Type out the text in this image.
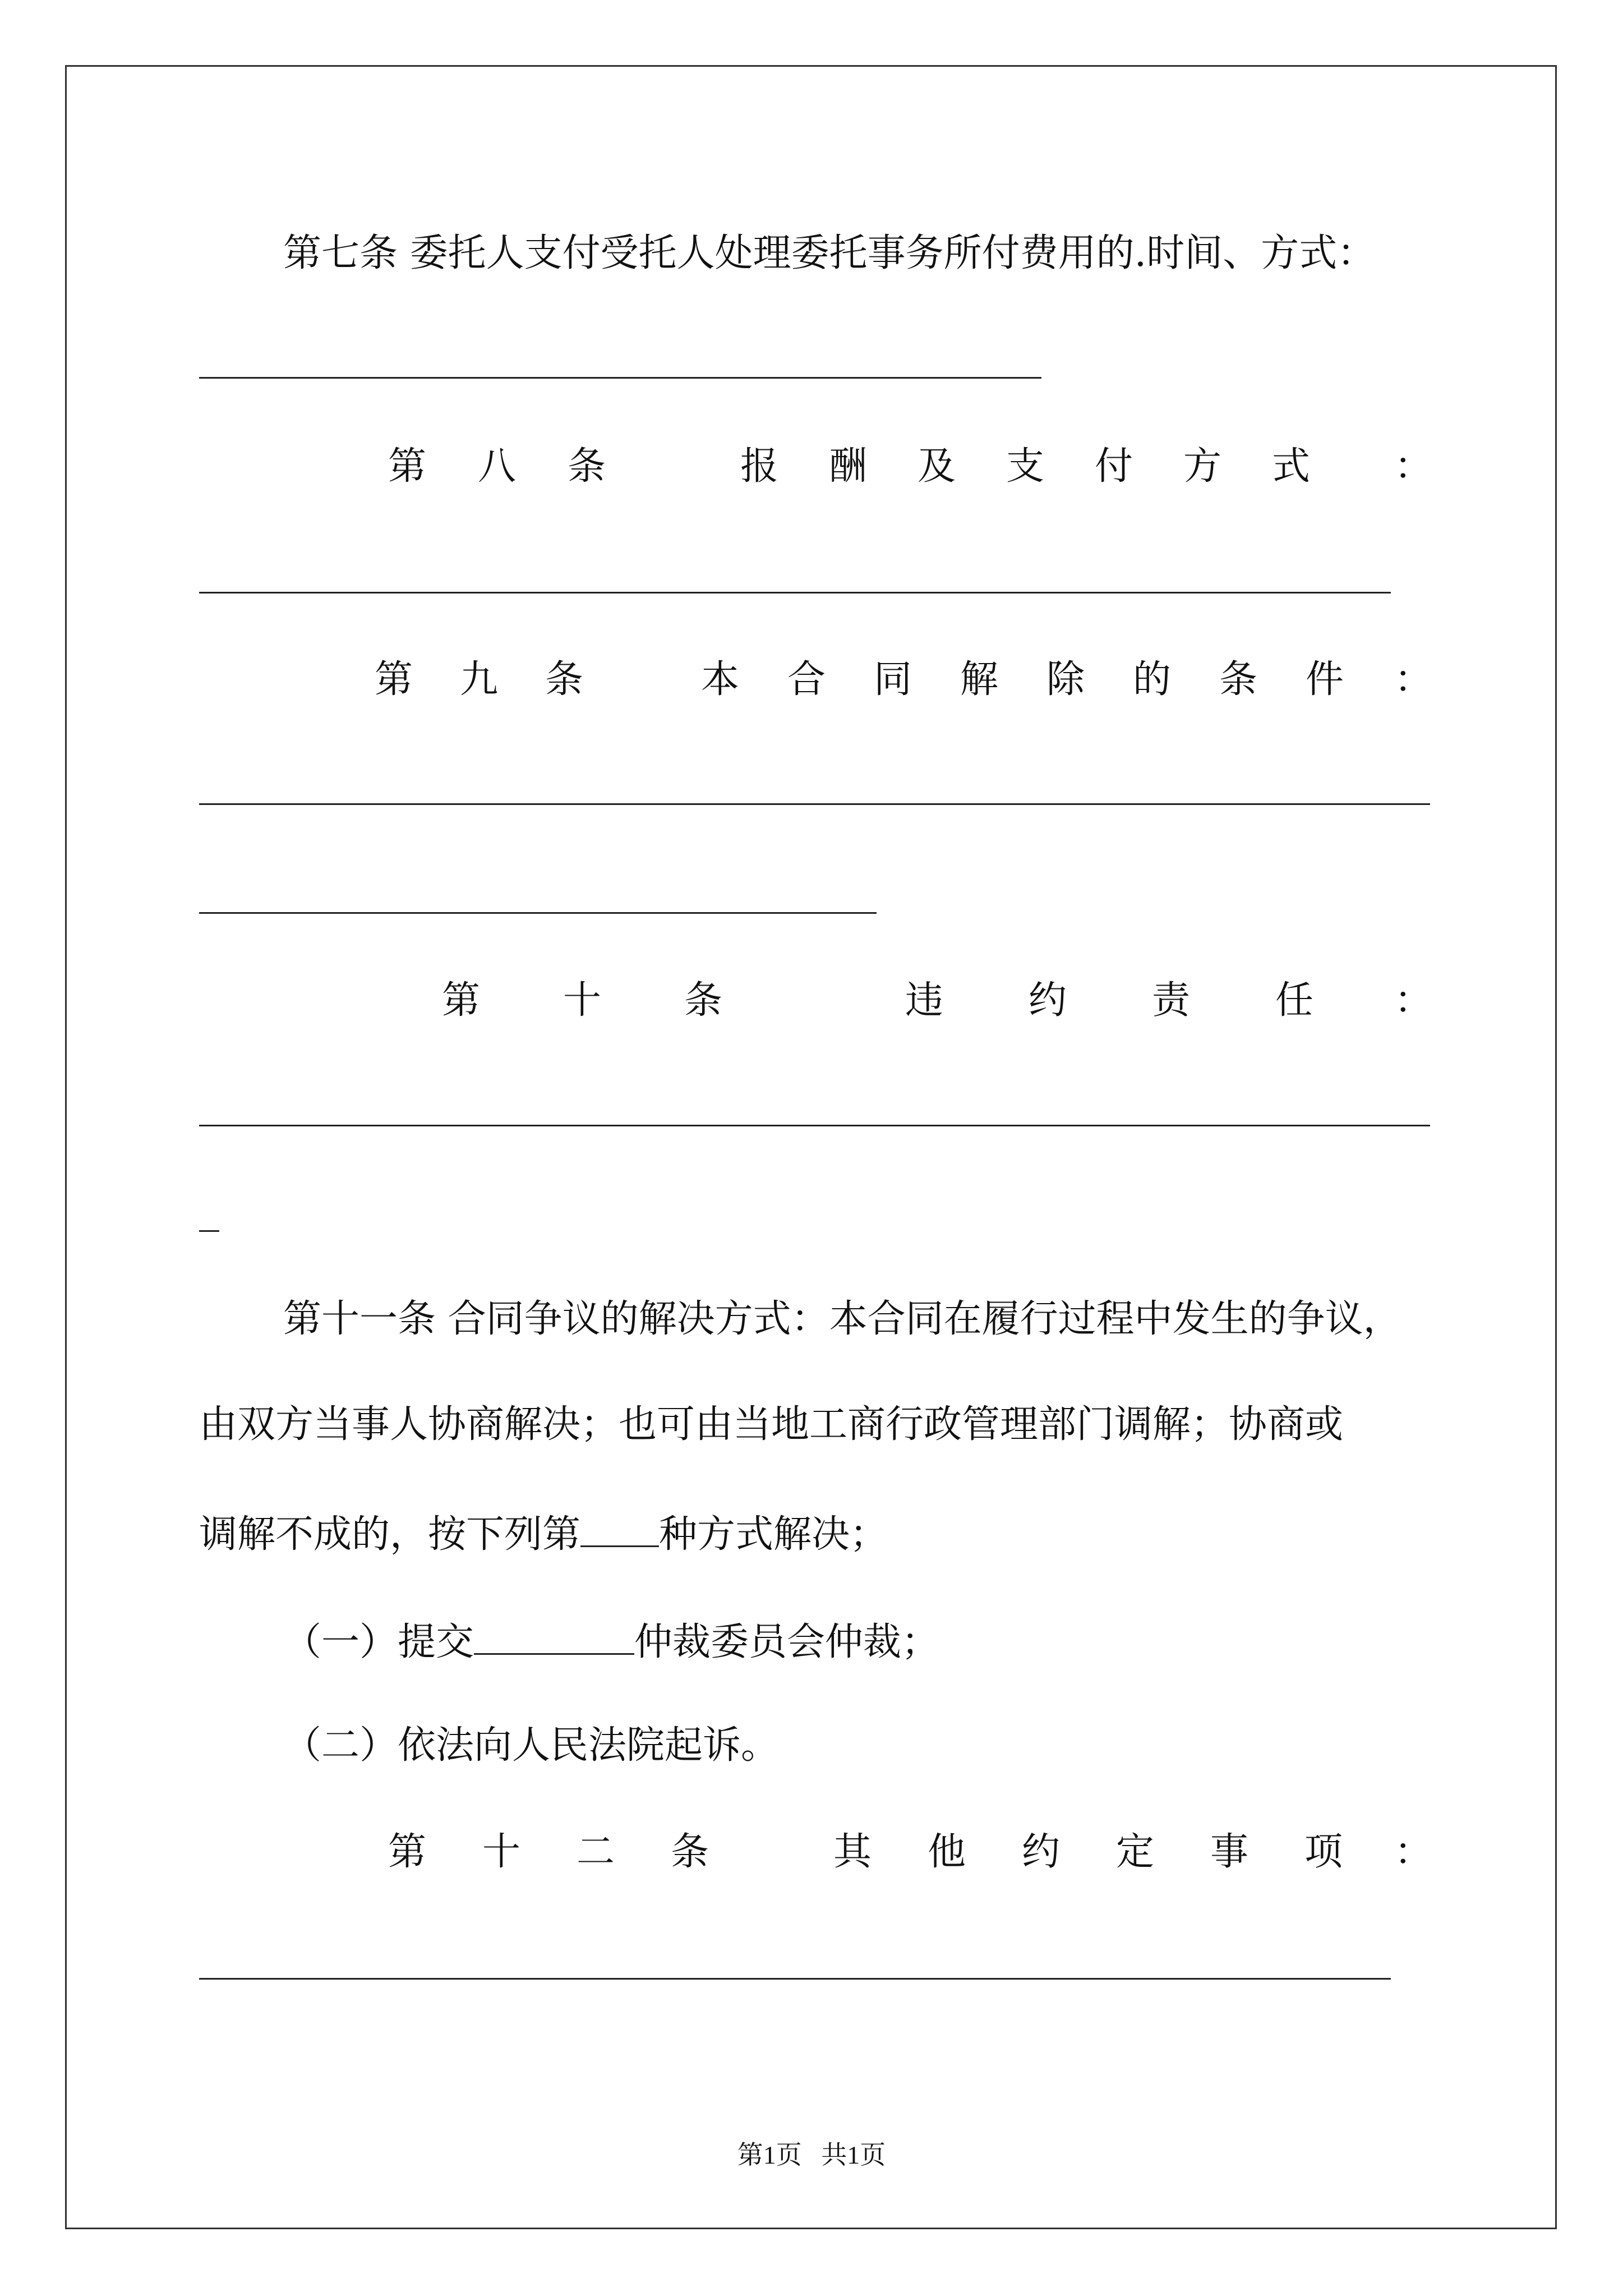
第七条 委托人支付受托人处理委托事务所付费用的.时间、方式：
第 八 条	报 酬 及 支 付 方 式 ：
第 九 条	本 合 同 解 除 的 条 件 ：
第 十 条	违 约 责 任 ：
第十一条 合同争议的解决方式：本合同在履行过程中发生的争议，
由双方当事人协商解决；也可由当地工商行政管理部门调解；协商或
调解不成的，按下列第 种方式解决；
（一）提交	仲裁委员会仲裁；
（二）依法向人民法院起诉。
第 十 二 条	其 他 约 定 事 项 ：
第1页   共1页
